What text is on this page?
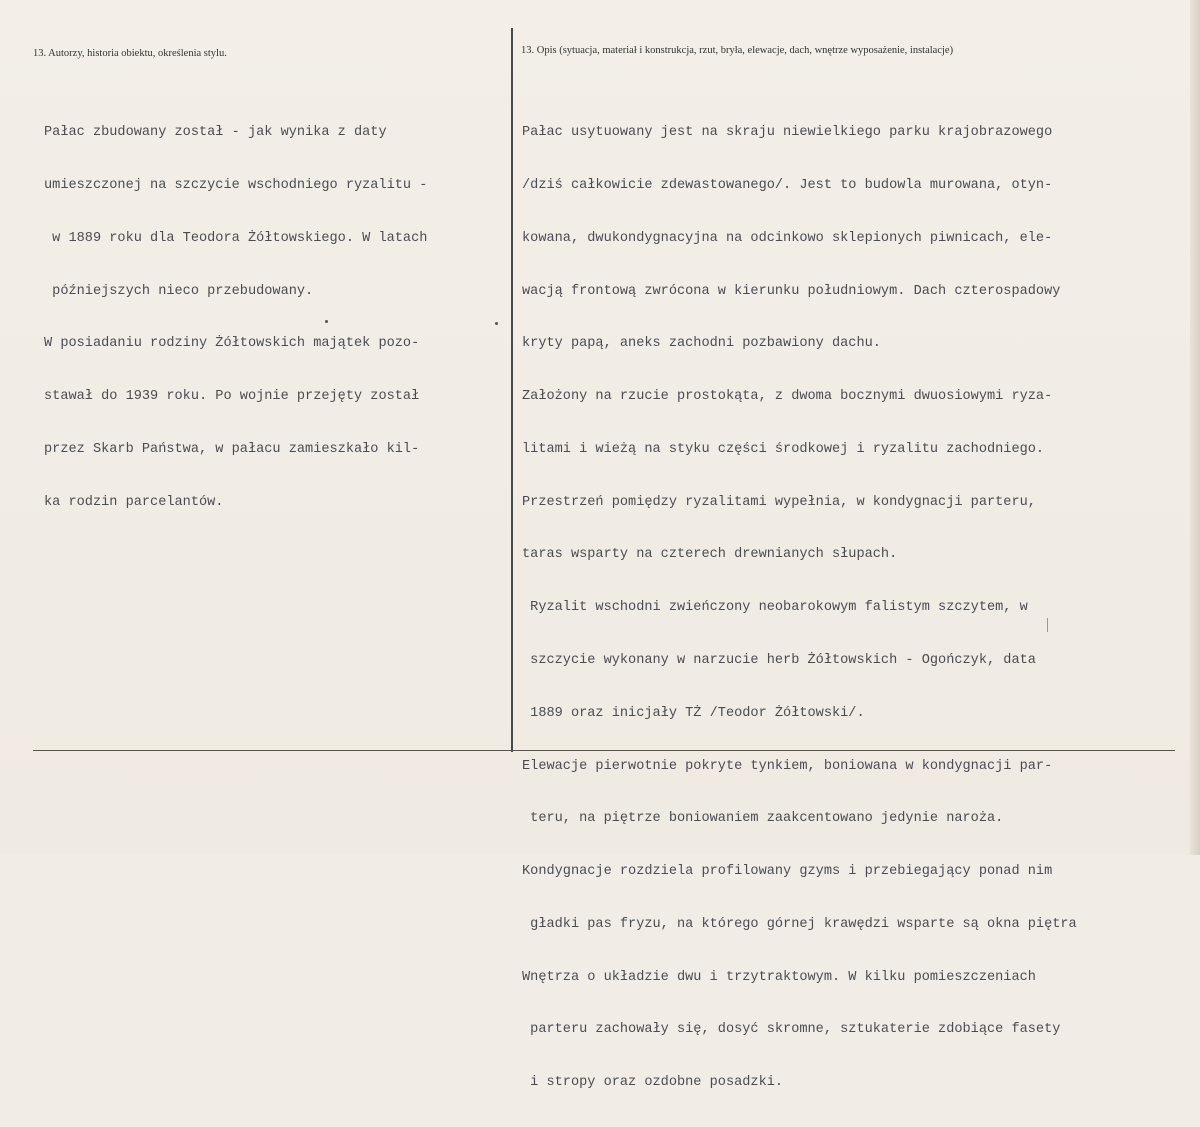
13. Autorzy, historia obiektu, określenia stylu.	13. Opis (sytuacja, materiał i konstrukcja, rzut, bryła, elewacje, dach, wnętrze wyposażenie, instalacje)

Pałac zbudowany został - jak wynika z daty

umieszczonej na szczycie wschodniego ryzalitu -

w 1889 roku dla Teodora Żółtowskiego. W latach

późniejszych nieco przebudowany.

W posiadaniu rodziny Żółtowskich majątek pozo-

stawał do 1939 roku. Po wojnie przejęty został

przez Skarb Państwa, w pałacu zamieszkało kil-

ka rodzin parcelantów.

Pałac usytuowany jest na skraju niewielkiego parku krajobrazowego

/dziś całkowicie zdewastowanego/. Jest to budowla murowana, otyn-

kowana, dwukondygnacyjna na odcinkowo sklepionych piwnicach, ele-

wacją frontową zwrócona w kierunku południowym. Dach czterospadowy

kryty papą, aneks zachodni pozbawiony dachu.

Założony na rzucie prostokąta, z dwoma bocznymi dwuosiowymi ryza-

litami i wieżą na styku części środkowej i ryzalitu zachodniego.

Przestrzeń pomiędzy ryzalitami wypełnia, w kondygnacji parteru,

taras wsparty na czterech drewnianych słupach.

Ryzalit wschodni zwieńczony neobarokowym falistym szczytem, w

szczycie wykonany w narzucie herb Żółtowskich - Ogończyk, data

1889 oraz inicjały TŻ /Teodor Żółtowski/.

Elewacje pierwotnie pokryte tynkiem, boniowana w kondygnacji par-

teru, na piętrze boniowaniem zaakcentowano jedynie naroża.

Kondygnacje rozdziela profilowany gzyms i przebiegający ponad nim

gładki pas fryzu, na którego górnej krawędzi wsparte są okna piętra

Wnętrza o układzie dwu i trzytraktowym. W kilku pomieszczeniach

parteru zachowały się, dosyć skromne, sztukaterie zdobiące fasety

i stropy oraz ozdobne posadzki.
